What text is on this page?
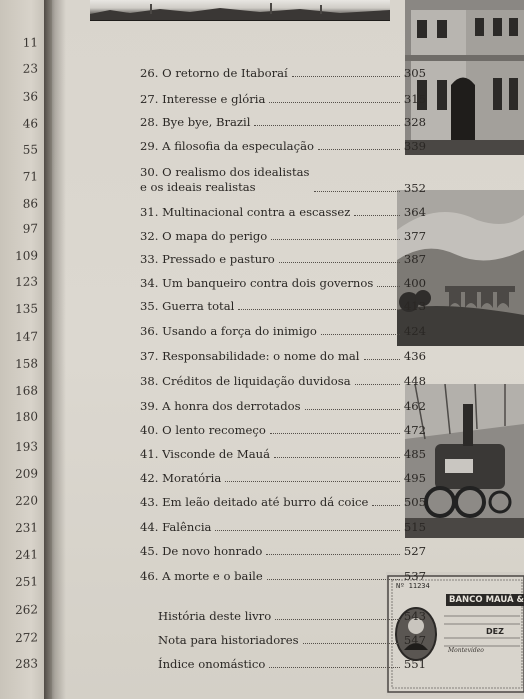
11
23
36
46
55
71
86
97
109
123
135
147
158
168
180
193
209
220
231
241
251
262
272
283
Nº 11234
BANCO MAUÁ &
DEZ
Montevideo
26. O retorno de Itaboraí	305
27. Interesse e glória	315
28. Bye bye, Brazil	328
29. A filosofia da especulação	339
30. O realismo dos idealistas
e os ideais realistas	352
31. Multinacional contra a escassez	364
32. O mapa do perigo	377
33. Pressado e pasturo	387
34. Um banqueiro contra dois governos	400
35. Guerra total	413
36. Usando a força do inimigo	424
37. Responsabilidade: o nome do mal	436
38. Créditos de liquidação duvidosa	448
39. A honra dos derrotados	462
40. O lento recomeço	472
41. Visconde de Mauá	485
42. Moratória	495
43. Em leão deitado até burro dá coice	505
44. Falência	515
45. De novo honrado	527
46. A morte e o baile	537
História deste livro	543
Nota para historiadores	547
Índice onomástico	551
